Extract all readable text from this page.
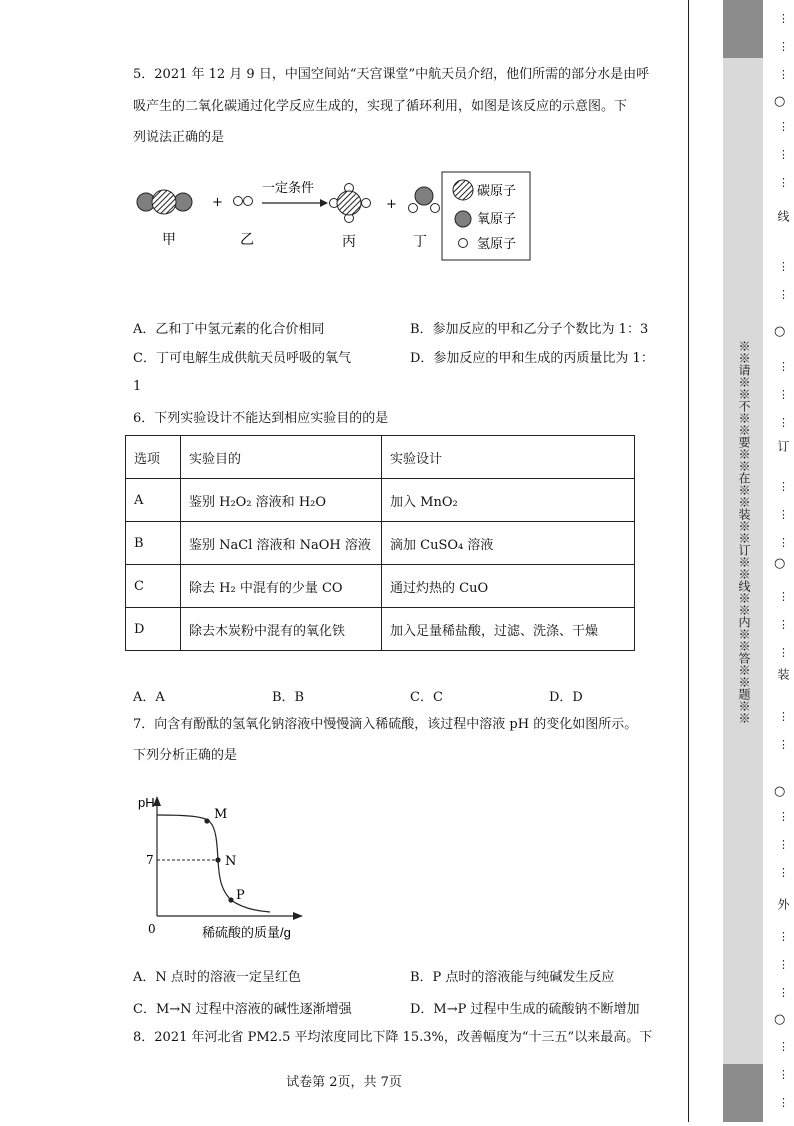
5．2021 年 12 月 9 日，中国空间站“天宫课堂”中航天员介绍，他们所需的部分水是由呼
吸产生的二氧化碳通过化学反应生成的，实现了循环利用，如图是该反应的示意图。下
列说法正确的是
+
一定条件
+
甲	乙	丙	丁
碳原子
氧原子
氢原子
A．乙和丁中氢元素的化合价相同	B．参加反应的甲和乙分子个数比为 1：3
C．丁可电解生成供航天员呼吸的氧气	D．参加反应的甲和生成的丙质量比为 1：
1
6．下列实验设计不能达到相应实验目的的是
选项	实验目的	实验设计
A	鉴别 H₂O₂ 溶液和 H₂O	加入 MnO₂
B	鉴别 NaCl 溶液和 NaOH 溶液	滴加 CuSO₄ 溶液
C	除去 H₂ 中混有的少量 CO	通过灼热的 CuO
D	除去木炭粉中混有的氧化铁	加入足量稀盐酸，过滤、洗涤、干燥
A．A	B．B	C．C	D．D
7．向含有酚酞的氢氧化钠溶液中慢慢滴入稀硫酸，该过程中溶液 pH 的变化如图所示。
下列分析正确的是
pH
0
7
M
N
P
稀硫酸的质量/g
A．N 点时的溶液一定呈红色	B．P 点时的溶液能与纯碱发生反应
C．M→N 过程中溶液的碱性逐渐增强	D．M→P 过程中生成的硫酸钠不断增加
8．2021 年河北省 PM2.5 平均浓度同比下降 15.3%，改善幅度为“十三五”以来最高。下
试卷第 2页，共 7页
※※请※※不※※要※※在※※装※※订※※线※※内※※答※※题※※
⋮
⋮
⋮
⋮
⋮
⋮
⋮
⋮
⋮
⋮
⋮
⋮
⋮
⋮
⋮
⋮
⋮
⋮
⋮
⋮
⋮
⋮
⋮
⋮
⋮
⋮
⋮
⋮
○
○
○
○
○
线
订
装
外
